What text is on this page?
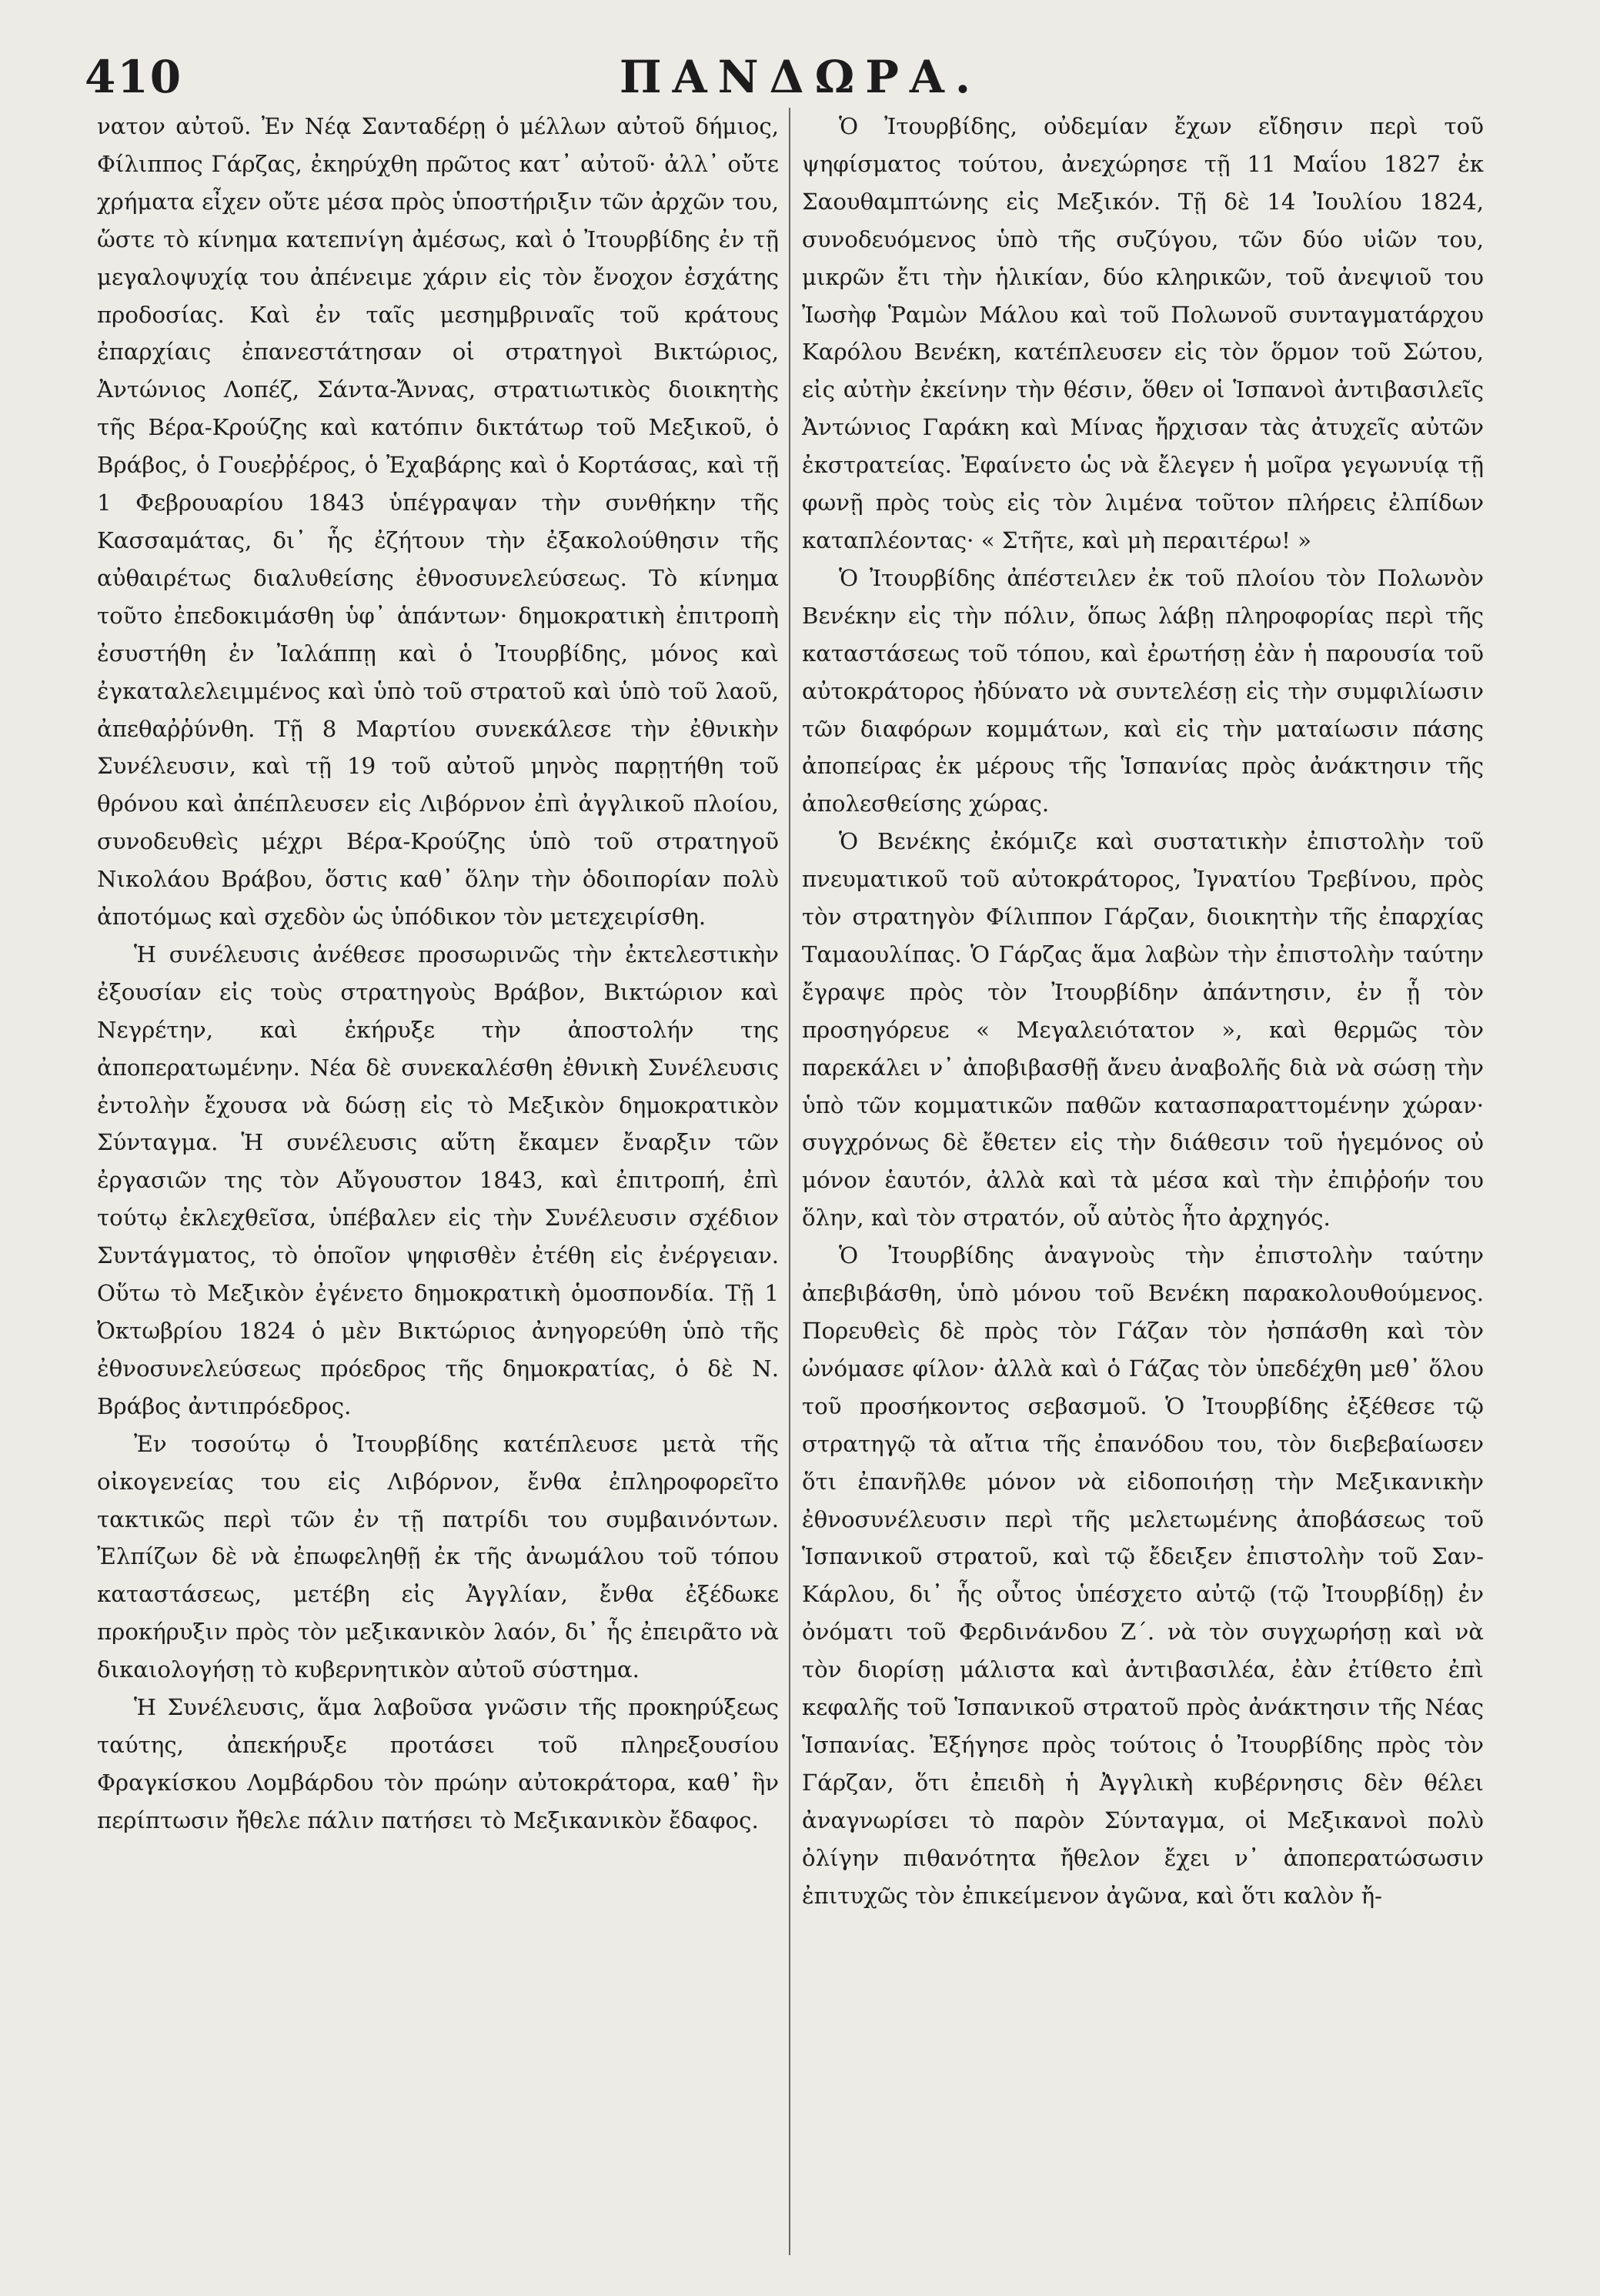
410	ΠΑΝΔΩΡΑ.

νατον αὐτοῦ. Ἐν Νέᾳ Σανταδέρῃ ὁ μέλλων αὐτοῦ δήμιος, Φίλιππος Γάρζας, ἐκηρύχθη πρῶτος κατ᾽ αὐτοῦ· ἀλλ᾽ οὔτε χρήματα εἶχεν οὔτε μέσα πρὸς ὑποστήριξιν τῶν ἀρχῶν του, ὥστε τὸ κίνημα κατεπνίγη ἀμέσως, καὶ ὁ Ἰτουρβίδης ἐν τῇ μεγαλοψυχίᾳ του ἀπένειμε χάριν εἰς τὸν ἔνοχον ἐσχάτης προδοσίας. Καὶ ἐν ταῖς μεσημβριναῖς τοῦ κράτους ἐπαρχίαις ἐπανεστάτησαν οἱ στρατηγοὶ Βικτώριος, Ἀντώνιος Λοπέζ, Σάντα-Ἄννας, στρατιωτικὸς διοικητὴς τῆς Βέρα-Κρούζης καὶ κατόπιν δικτάτωρ τοῦ Μεξικοῦ, ὁ Βράβος, ὁ Γουεῤῥέρος, ὁ Ἐχαβάρης καὶ ὁ Κορτάσας, καὶ τῇ 1 Φεβρουαρίου 1843 ὑπέγραψαν τὴν συνθήκην τῆς Κασσαμάτας, δι᾽ ἧς ἐζήτουν τὴν ἐξακολούθησιν τῆς αὐθαιρέτως διαλυθείσης ἐθνοσυνελεύσεως. Τὸ κίνημα τοῦτο ἐπεδοκιμάσθη ὑφ᾽ ἁπάντων· δημοκρατικὴ ἐπιτροπὴ ἐσυστήθη ἐν Ἰαλάππῃ καὶ ὁ Ἰτουρβίδης, μόνος καὶ ἐγκαταλελειμμένος καὶ ὑπὸ τοῦ στρατοῦ καὶ ὑπὸ τοῦ λαοῦ, ἀπεθαῤῥύνθη. Τῇ 8 Μαρτίου συνεκάλεσε τὴν ἐθνικὴν Συνέλευσιν, καὶ τῇ 19 τοῦ αὐτοῦ μηνὸς παρῃτήθη τοῦ θρόνου καὶ ἀπέπλευσεν εἰς Λιβόρνον ἐπὶ ἀγγλικοῦ πλοίου, συνοδευθεὶς μέχρι Βέρα-Κρούζης ὑπὸ τοῦ στρατηγοῦ Νικολάου Βράβου, ὅστις καθ᾽ ὅλην τὴν ὁδοιπορίαν πολὺ ἀποτόμως καὶ σχεδὸν ὡς ὑπόδικον τὸν μετεχειρίσθη.

Ἡ συνέλευσις ἀνέθεσε προσωρινῶς τὴν ἐκτελεστικὴν ἐξουσίαν εἰς τοὺς στρατηγοὺς Βράβον, Βικτώριον καὶ Νεγρέτην, καὶ ἐκήρυξε τὴν ἀποστολήν της ἀποπερατωμένην. Νέα δὲ συνεκαλέσθη ἐθνικὴ Συνέλευσις ἐντολὴν ἔχουσα νὰ δώσῃ εἰς τὸ Μεξικὸν δημοκρατικὸν Σύνταγμα. Ἡ συνέλευσις αὕτη ἔκαμεν ἔναρξιν τῶν ἐργασιῶν της τὸν Αὔγουστον 1843, καὶ ἐπιτροπή, ἐπὶ τούτῳ ἐκλεχθεῖσα, ὑπέβαλεν εἰς τὴν Συνέλευσιν σχέδιον Συντάγματος, τὸ ὁποῖον ψηφισθὲν ἐτέθη εἰς ἐνέργειαν. Οὕτω τὸ Μεξικὸν ἐγένετο δημοκρατικὴ ὁμοσπονδία. Τῇ 1 Ὀκτωβρίου 1824 ὁ μὲν Βικτώριος ἀνηγορεύθη ὑπὸ τῆς ἐθνοσυνελεύσεως πρόεδρος τῆς δημοκρατίας, ὁ δὲ Ν. Βράβος ἀντιπρόεδρος.

Ἐν τοσούτῳ ὁ Ἰτουρβίδης κατέπλευσε μετὰ τῆς οἰκογενείας του εἰς Λιβόρνον, ἔνθα ἐπληροφορεῖτο τακτικῶς περὶ τῶν ἐν τῇ πατρίδι του συμβαινόντων. Ἐλπίζων δὲ νὰ ἐπωφεληθῇ ἐκ τῆς ἀνωμάλου τοῦ τόπου καταστάσεως, μετέβη εἰς Ἀγγλίαν, ἔνθα ἐξέδωκε προκήρυξιν πρὸς τὸν μεξικανικὸν λαόν, δι᾽ ἧς ἐπειρᾶτο νὰ δικαιολογήσῃ τὸ κυβερνητικὸν αὐτοῦ σύστημα.

Ἡ Συνέλευσις, ἅμα λαβοῦσα γνῶσιν τῆς προκηρύξεως ταύτης, ἀπεκήρυξε προτάσει τοῦ πληρεξουσίου Φραγκίσκου Λομβάρδου τὸν πρώην αὐτοκράτορα, καθ᾽ ἣν περίπτωσιν ἤθελε πάλιν πατήσει τὸ Μεξικανικὸν ἔδαφος.

Ὁ Ἰτουρβίδης, οὐδεμίαν ἔχων εἴδησιν περὶ τοῦ ψηφίσματος τούτου, ἀνεχώρησε τῇ 11 Μαΐου 1827 ἐκ Σαουθαμπτώνης εἰς Μεξικόν. Τῇ δὲ 14 Ἰουλίου 1824, συνοδευόμενος ὑπὸ τῆς συζύγου, τῶν δύο υἱῶν του, μικρῶν ἔτι τὴν ἡλικίαν, δύο κληρικῶν, τοῦ ἀνεψιοῦ του Ἰωσὴφ Ῥαμὼν Μάλου καὶ τοῦ Πολωνοῦ συνταγματάρχου Καρόλου Βενέκη, κατέπλευσεν εἰς τὸν ὅρμον τοῦ Σώτου, εἰς αὐτὴν ἐκείνην τὴν θέσιν, ὅθεν οἱ Ἱσπανοὶ ἀντιβασιλεῖς Ἀντώνιος Γαράκη καὶ Μίνας ἤρχισαν τὰς ἀτυχεῖς αὐτῶν ἐκστρατείας. Ἐφαίνετο ὡς νὰ ἔλεγεν ἡ μοῖρα γεγωνυίᾳ τῇ φωνῇ πρὸς τοὺς εἰς τὸν λιμένα τοῦτον πλήρεις ἐλπίδων καταπλέοντας· « Στῆτε, καὶ μὴ περαιτέρω! »

Ὁ Ἰτουρβίδης ἀπέστειλεν ἐκ τοῦ πλοίου τὸν Πολωνὸν Βενέκην εἰς τὴν πόλιν, ὅπως λάβῃ πληροφορίας περὶ τῆς καταστάσεως τοῦ τόπου, καὶ ἐρωτήσῃ ἐὰν ἡ παρουσία τοῦ αὐτοκράτορος ἠδύνατο νὰ συντελέσῃ εἰς τὴν συμφιλίωσιν τῶν διαφόρων κομμάτων, καὶ εἰς τὴν ματαίωσιν πάσης ἀποπείρας ἐκ μέρους τῆς Ἱσπανίας πρὸς ἀνάκτησιν τῆς ἀπολεσθείσης χώρας.

Ὁ Βενέκης ἐκόμιζε καὶ συστατικὴν ἐπιστολὴν τοῦ πνευματικοῦ τοῦ αὐτοκράτορος, Ἰγνατίου Τρεβίνου, πρὸς τὸν στρατηγὸν Φίλιππον Γάρζαν, διοικητὴν τῆς ἐπαρχίας Ταμαουλίπας. Ὁ Γάρζας ἅμα λαβὼν τὴν ἐπιστολὴν ταύτην ἔγραψε πρὸς τὸν Ἰτουρβίδην ἀπάντησιν, ἐν ᾗ τὸν προσηγόρευε « Μεγαλειότατον », καὶ θερμῶς τὸν παρεκάλει ν᾽ ἀποβιβασθῇ ἄνευ ἀναβολῆς διὰ νὰ σώσῃ τὴν ὑπὸ τῶν κομματικῶν παθῶν κατασπαραττομένην χώραν· συγχρόνως δὲ ἔθετεν εἰς τὴν διάθεσιν τοῦ ἡγεμόνος οὐ μόνον ἑαυτόν, ἀλλὰ καὶ τὰ μέσα καὶ τὴν ἐπιῤῥοήν του ὅλην, καὶ τὸν στρατόν, οὗ αὐτὸς ἦτο ἀρχηγός.

Ὁ Ἰτουρβίδης ἀναγνοὺς τὴν ἐπιστολὴν ταύτην ἀπεβιβάσθη, ὑπὸ μόνου τοῦ Βενέκη παρακολουθούμενος. Πορευθεὶς δὲ πρὸς τὸν Γάζαν τὸν ἠσπάσθη καὶ τὸν ὠνόμασε φίλον· ἀλλὰ καὶ ὁ Γάζας τὸν ὑπεδέχθη μεθ᾽ ὅλου τοῦ προσήκοντος σεβασμοῦ. Ὁ Ἰτουρβίδης ἐξέθεσε τῷ στρατηγῷ τὰ αἴτια τῆς ἐπανόδου του, τὸν διεβεβαίωσεν ὅτι ἐπανῆλθε μόνον νὰ εἰδοποιήσῃ τὴν Μεξικανικὴν ἐθνοσυνέλευσιν περὶ τῆς μελετωμένης ἀποβάσεως τοῦ Ἱσπανικοῦ στρατοῦ, καὶ τῷ ἔδειξεν ἐπιστολὴν τοῦ Σαν-Κάρλου, δι᾽ ἧς οὗτος ὑπέσχετο αὐτῷ (τῷ Ἰτουρβίδῃ) ἐν ὀνόματι τοῦ Φερδινάνδου Ζ´. νὰ τὸν συγχωρήσῃ καὶ νὰ τὸν διορίσῃ μάλιστα καὶ ἀντιβασιλέα, ἐὰν ἐτίθετο ἐπὶ κεφαλῆς τοῦ Ἱσπανικοῦ στρατοῦ πρὸς ἀνάκτησιν τῆς Νέας Ἱσπανίας. Ἐξήγησε πρὸς τούτοις ὁ Ἰτουρβίδης πρὸς τὸν Γάρζαν, ὅτι ἐπειδὴ ἡ Ἀγγλικὴ κυβέρνησις δὲν θέλει ἀναγνωρίσει τὸ παρὸν Σύνταγμα, οἱ Μεξικανοὶ πολὺ ὀλίγην πιθανότητα ἤθελον ἔχει ν᾽ ἀποπερατώσωσιν ἐπιτυχῶς τὸν ἐπικείμενον ἀγῶνα, καὶ ὅτι καλὸν ἤ-
